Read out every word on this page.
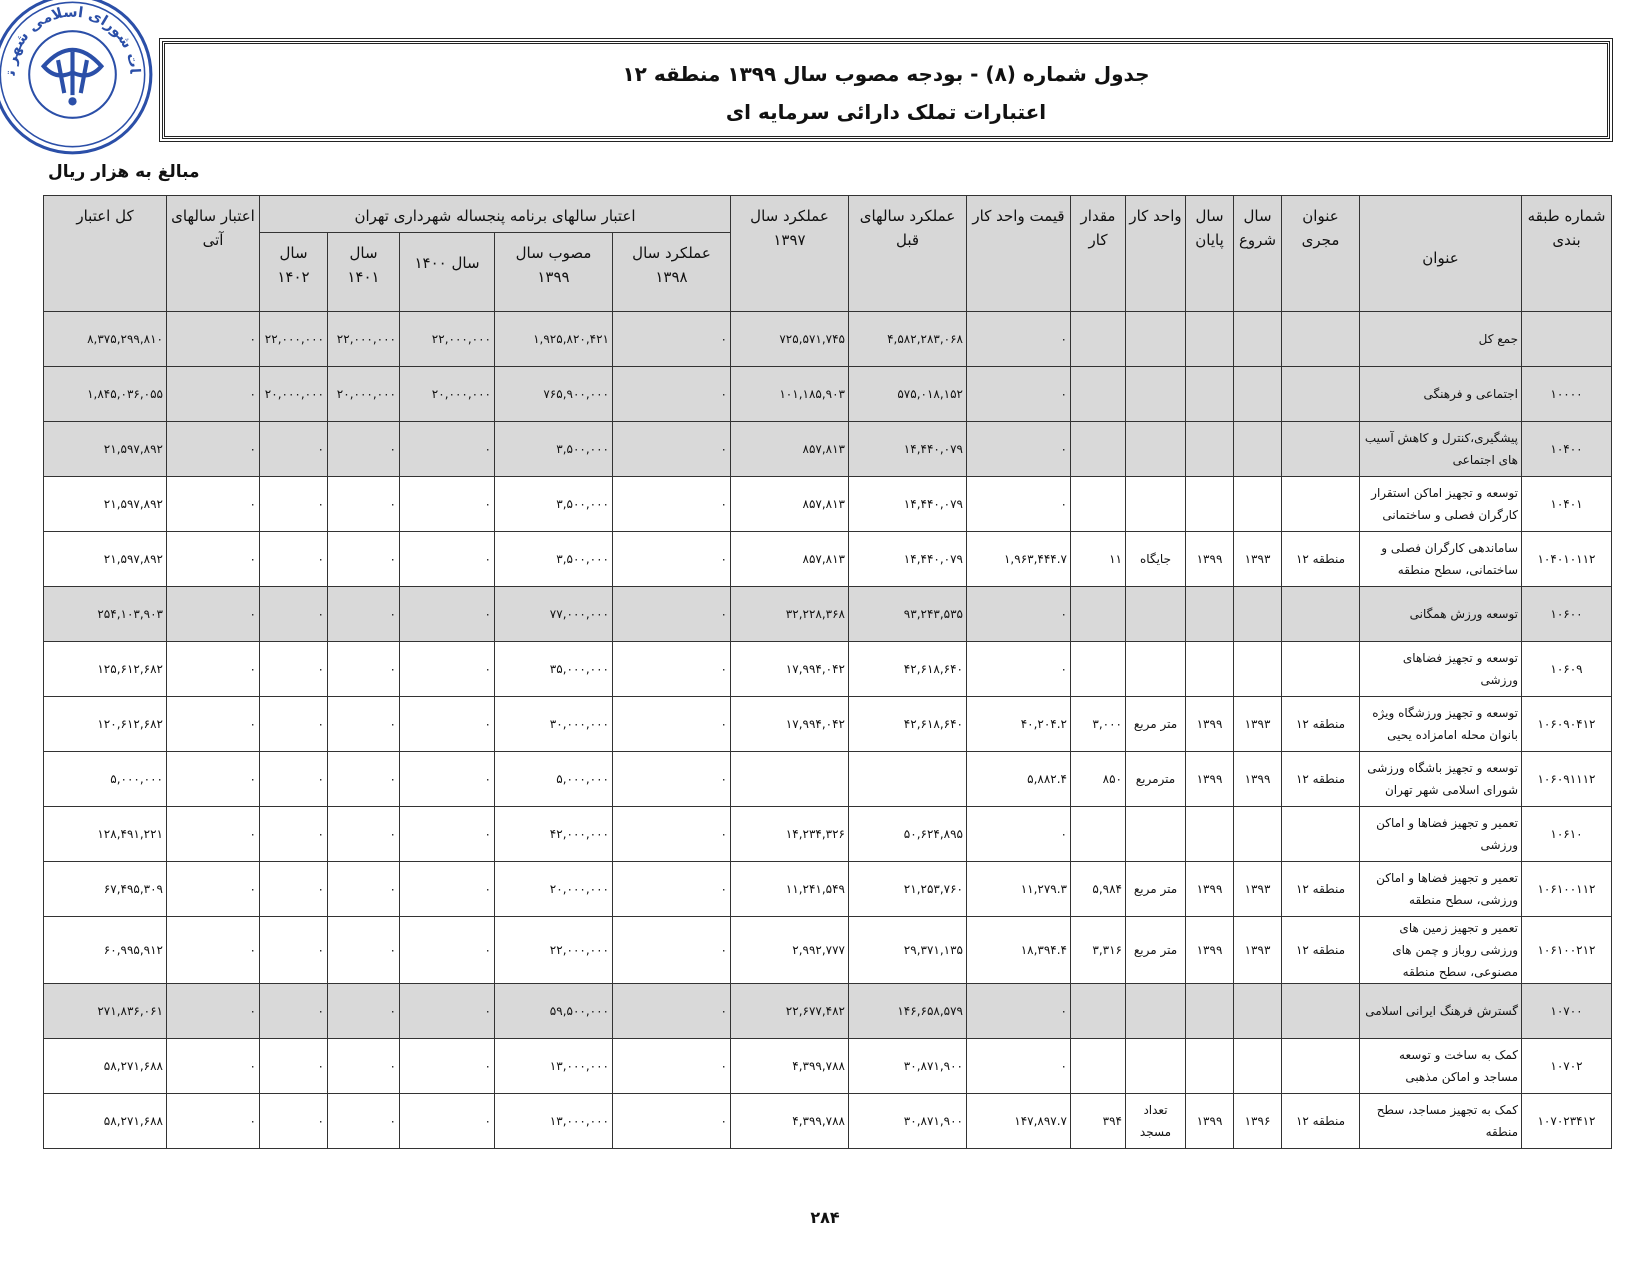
ات شورای اسلامی شهر ت	جدول شماره (۸) - بودجه مصوب سال ۱۳۹۹ منطقه ۱۲
اعتبارات تملک دارائی سرمایه ای
مبالغ به هزار ریال
شماره طبقه بندی	عنوان	عنوان مجری	سال شروع	سال پایان	واحد کار	مقدار کار	قیمت واحد کار	عملکرد سالهای قبل	عملکرد سال ۱۳۹۷	اعتبار سالهای برنامه پنجساله شهرداری تهران					اعتبار سالهای آتی	کل اعتبار
										عملکرد سال ۱۳۹۸	مصوب سال ۱۳۹۹	سال ۱۴۰۰	سال ۱۴۰۱	سال ۱۴۰۲		
	جمع کل						۰	۴,۵۸۲,۲۸۳,۰۶۸	۷۲۵,۵۷۱,۷۴۵	۰	۱,۹۲۵,۸۲۰,۴۲۱	۲۲,۰۰۰,۰۰۰	۲۲,۰۰۰,۰۰۰	۲۲,۰۰۰,۰۰۰	۰	۸,۳۷۵,۲۹۹,۸۱۰
۱۰۰۰۰	اجتماعی و فرهنگی						۰	۵۷۵,۰۱۸,۱۵۲	۱۰۱,۱۸۵,۹۰۳	۰	۷۶۵,۹۰۰,۰۰۰	۲۰,۰۰۰,۰۰۰	۲۰,۰۰۰,۰۰۰	۲۰,۰۰۰,۰۰۰	۰	۱,۸۴۵,۰۳۶,۰۵۵
۱۰۴۰۰	پیشگیری،کنترل و کاهش آسیب های اجتماعی						۰	۱۴,۴۴۰,۰۷۹	۸۵۷,۸۱۳	۰	۳,۵۰۰,۰۰۰	۰	۰	۰	۰	۲۱,۵۹۷,۸۹۲
۱۰۴۰۱	توسعه و تجهیز اماکن استقرار کارگران فصلی و ساختمانی						۰	۱۴,۴۴۰,۰۷۹	۸۵۷,۸۱۳	۰	۳,۵۰۰,۰۰۰	۰	۰	۰	۰	۲۱,۵۹۷,۸۹۲
۱۰۴۰۱۰۱۱۲	ساماندهی کارگران فصلی و ساختمانی، سطح منطقه	منطقه ۱۲	۱۳۹۳	۱۳۹۹	جایگاه	۱۱	۱,۹۶۳,۴۴۴.۷	۱۴,۴۴۰,۰۷۹	۸۵۷,۸۱۳	۰	۳,۵۰۰,۰۰۰	۰	۰	۰	۰	۲۱,۵۹۷,۸۹۲
۱۰۶۰۰	توسعه ورزش همگانی						۰	۹۳,۲۴۳,۵۳۵	۳۲,۲۲۸,۳۶۸	۰	۷۷,۰۰۰,۰۰۰	۰	۰	۰	۰	۲۵۴,۱۰۳,۹۰۳
۱۰۶۰۹	توسعه و تجهیز فضاهای ورزشی						۰	۴۲,۶۱۸,۶۴۰	۱۷,۹۹۴,۰۴۲	۰	۳۵,۰۰۰,۰۰۰	۰	۰	۰	۰	۱۲۵,۶۱۲,۶۸۲
۱۰۶۰۹۰۴۱۲	توسعه و تجهیز ورزشگاه ویژه بانوان محله امامزاده یحیی	منطقه ۱۲	۱۳۹۳	۱۳۹۹	متر مربع	۳,۰۰۰	۴۰,۲۰۴.۲	۴۲,۶۱۸,۶۴۰	۱۷,۹۹۴,۰۴۲	۰	۳۰,۰۰۰,۰۰۰	۰	۰	۰	۰	۱۲۰,۶۱۲,۶۸۲
۱۰۶۰۹۱۱۱۲	توسعه و تجهیز باشگاه ورزشی شورای اسلامی شهر تهران	منطقه ۱۲	۱۳۹۹	۱۳۹۹	مترمربع	۸۵۰	۵,۸۸۲.۴			۰	۵,۰۰۰,۰۰۰	۰	۰	۰	۰	۵,۰۰۰,۰۰۰
۱۰۶۱۰	تعمیر و تجهیز فضاها و اماکن ورزشی						۰	۵۰,۶۲۴,۸۹۵	۱۴,۲۳۴,۳۲۶	۰	۴۲,۰۰۰,۰۰۰	۰	۰	۰	۰	۱۲۸,۴۹۱,۲۲۱
۱۰۶۱۰۰۱۱۲	تعمیر و تجهیز فضاها و اماکن ورزشی، سطح منطقه	منطقه ۱۲	۱۳۹۳	۱۳۹۹	متر مربع	۵,۹۸۴	۱۱,۲۷۹.۳	۲۱,۲۵۳,۷۶۰	۱۱,۲۴۱,۵۴۹	۰	۲۰,۰۰۰,۰۰۰	۰	۰	۰	۰	۶۷,۴۹۵,۳۰۹
۱۰۶۱۰۰۲۱۲	تعمیر و تجهیز زمین های ورزشی روباز و چمن های مصنوعی، سطح منطقه	منطقه ۱۲	۱۳۹۳	۱۳۹۹	متر مربع	۳,۳۱۶	۱۸,۳۹۴.۴	۲۹,۳۷۱,۱۳۵	۲,۹۹۲,۷۷۷	۰	۲۲,۰۰۰,۰۰۰	۰	۰	۰	۰	۶۰,۹۹۵,۹۱۲
۱۰۷۰۰	گسترش فرهنگ ایرانی اسلامی						۰	۱۴۶,۶۵۸,۵۷۹	۲۲,۶۷۷,۴۸۲	۰	۵۹,۵۰۰,۰۰۰	۰	۰	۰	۰	۲۷۱,۸۳۶,۰۶۱
۱۰۷۰۲	کمک به ساخت و توسعه مساجد و اماکن مذهبی						۰	۳۰,۸۷۱,۹۰۰	۴,۳۹۹,۷۸۸	۰	۱۳,۰۰۰,۰۰۰	۰	۰	۰	۰	۵۸,۲۷۱,۶۸۸
۱۰۷۰۲۳۴۱۲	کمک به تجهیز مساجد، سطح منطقه	منطقه ۱۲	۱۳۹۶	۱۳۹۹	تعداد مسجد	۳۹۴	۱۴۷,۸۹۷.۷	۳۰,۸۷۱,۹۰۰	۴,۳۹۹,۷۸۸	۰	۱۳,۰۰۰,۰۰۰	۰	۰	۰	۰	۵۸,۲۷۱,۶۸۸
۲۸۴
